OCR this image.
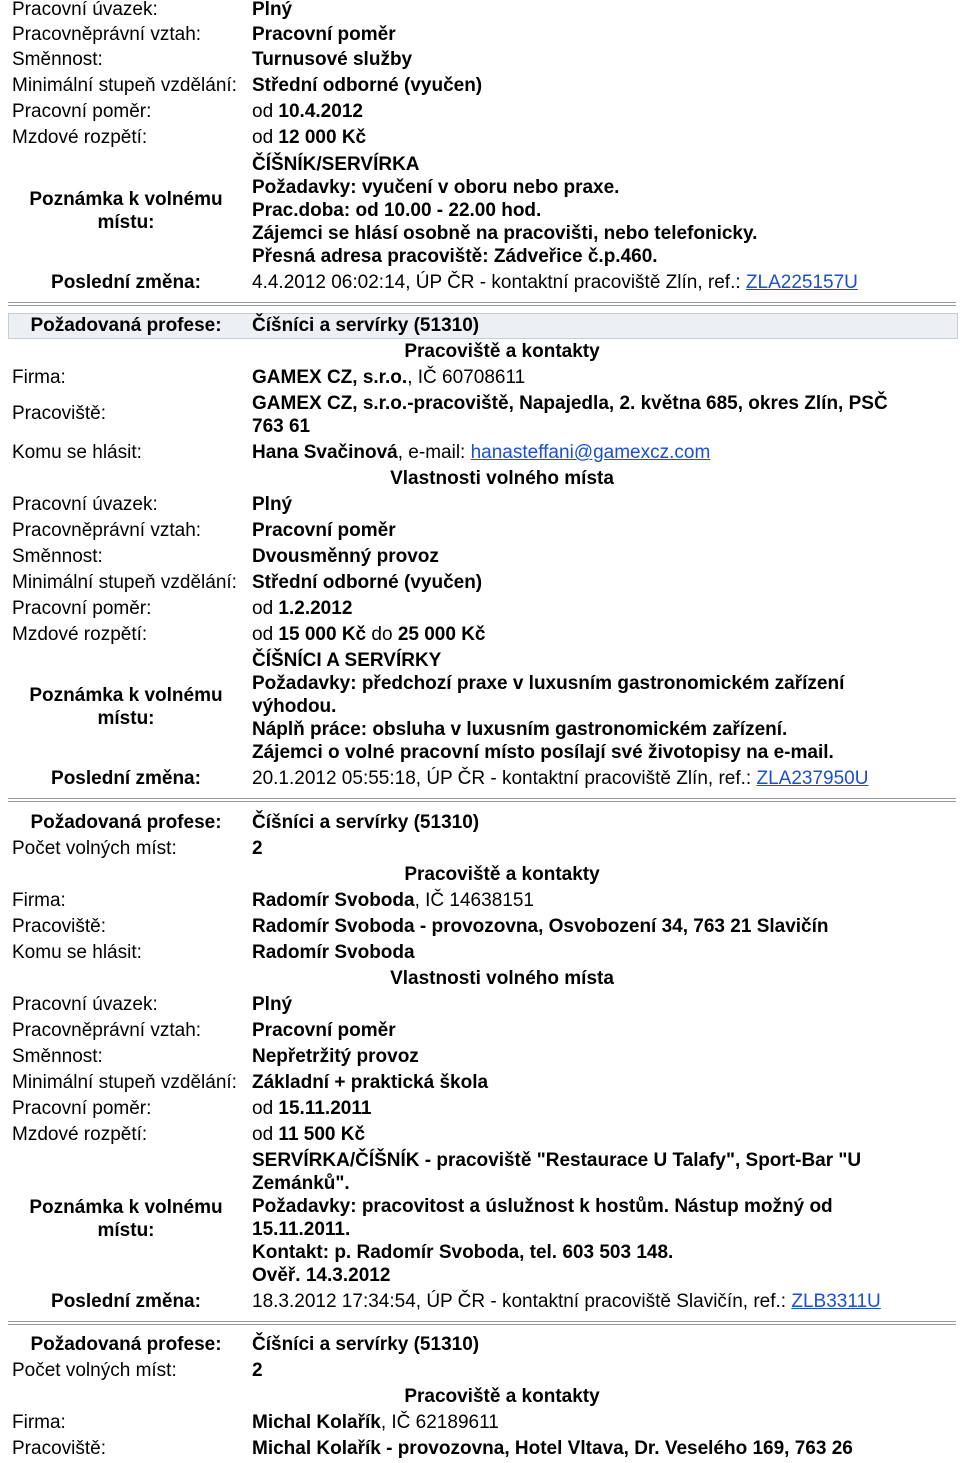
Pracovní úvazek:	Plný
Pracovněprávní vztah:	Pracovní poměr
Směnnost:	Turnusové služby
Minimální stupeň vzdělání: Střední odborné (vyučen)
Pracovní poměr:	od 10.4.2012
Mzdové rozpětí:	od 12 000 Kč
Poznámka k volnému místu:
ČÍŠNÍK/SERVÍRKA
Požadavky: vyučení v oboru nebo praxe.
Prac.doba: od 10.00 - 22.00 hod.
Zájemci se hlásí osobně na pracovišti, nebo telefonicky.
Přesná adresa pracoviště: Zádveřice č.p.460.
Poslední změna:	4.4.2012 06:02:14, ÚP ČR - kontaktní pracoviště Zlín, ref.: ZLA225157U
Požadovaná profese:	Číšníci a servírky (51310)
Pracoviště a kontakty
Firma:	GAMEX CZ, s.r.o., IČ 60708611
Pracoviště:	GAMEX CZ, s.r.o.-pracoviště, Napajedla, 2. května 685, okres Zlín, PSČ
763 61
Komu se hlásit:	Hana Svačinová, e-mail: hanasteffani@gamexcz.com
Vlastnosti volného místa
Pracovní úvazek:	Plný
Pracovněprávní vztah:	Pracovní poměr
Směnnost:	Dvousměnný provoz
Minimální stupeň vzdělání: Střední odborné (vyučen)
Pracovní poměr:	od 1.2.2012
Mzdové rozpětí:	od 15 000 Kč do 25 000 Kč
Poznámka k volnému místu:
ČÍŠNÍCI A SERVÍRKY
Požadavky: předchozí praxe v luxusním gastronomickém zařízení
výhodou.
Náplň práce: obsluha v luxusním gastronomickém zařízení.
Zájemci o volné pracovní místo posílají své životopisy na e-mail.
Poslední změna:	20.1.2012 05:55:18, ÚP ČR - kontaktní pracoviště Zlín, ref.: ZLA237950U
Požadovaná profese:	Číšníci a servírky (51310)
Počet volných míst:	2
Pracoviště a kontakty
Firma:	Radomír Svoboda, IČ 14638151
Pracoviště:	Radomír Svoboda - provozovna, Osvobození 34, 763 21 Slavičín
Komu se hlásit:	Radomír Svoboda
Vlastnosti volného místa
Pracovní úvazek:	Plný
Pracovněprávní vztah:	Pracovní poměr
Směnnost:	Nepřetržitý provoz
Minimální stupeň vzdělání: Základní + praktická škola
Pracovní poměr:	od 15.11.2011
Mzdové rozpětí:	od 11 500 Kč
Poznámka k volnému místu:
SERVÍRKA/ČÍŠNÍK - pracoviště "Restaurace U Talafy", Sport-Bar "U
Zemánků".
Požadavky: pracovitost a úslužnost k hostům. Nástup možný od
15.11.2011.
Kontakt: p. Radomír Svoboda, tel. 603 503 148.
Ověř. 14.3.2012
Poslední změna:	18.3.2012 17:34:54, ÚP ČR - kontaktní pracoviště Slavičín, ref.: ZLB3311U
Požadovaná profese:	Číšníci a servírky (51310)
Počet volných míst:	2
Pracoviště a kontakty
Firma:	Michal Kolařík, IČ 62189611
Pracoviště:	Michal Kolařík - provozovna, Hotel Vltava, Dr. Veselého 169, 763 26
